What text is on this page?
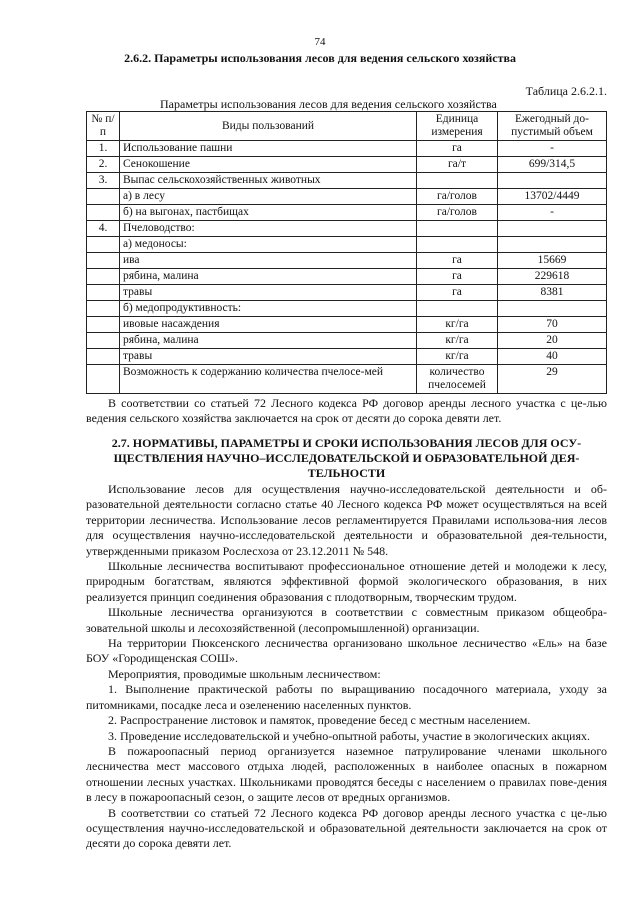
74
2.6.2. Параметры использования лесов для ведения сельского хозяйства
Таблица 2.6.2.1.
Параметры использования лесов для ведения сельского хозяйства
№ п/п	Виды пользований	Единица измерения	Ежегодный до-пустимый объем
1.	Использование пашни	га	-
2.	Сенокошение	га/т	699/314,5
3.	Выпас сельскохозяйственных животных		
	а) в лесу	га/голов	13702/4449
	б) на выгонах, пастбищах	га/голов	-
4.	Пчеловодство:		
	а) медоносы:		
	ива	га	15669
	рябина, малина	га	229618
	травы	га	8381
	б) медопродуктивность:		
	ивовые насаждения	кг/га	70
	рябина, малина	кг/га	20
	травы	кг/га	40
	Возможность к содержанию количества пчелосе-мей	количество пчелосемей	29

В соответствии со статьей 72 Лесного кодекса РФ договор аренды лесного участка с це-лью ведения сельского хозяйства заключается на срок от десяти до сорока девяти лет.

2.7. НОРМАТИВЫ, ПАРАМЕТРЫ И СРОКИ ИСПОЛЬЗОВАНИЯ ЛЕСОВ ДЛЯ ОСУ-ЩЕСТВЛЕНИЯ НАУЧНО–ИССЛЕДОВАТЕЛЬСКОЙ И ОБРАЗОВАТЕЛЬНОЙ ДЕЯ-ТЕЛЬНОСТИ

Использование лесов для осуществления научно-исследовательской деятельности и об-разовательной деятельности согласно статье 40 Лесного кодекса РФ может осуществляться на всей территории лесничества. Использование лесов регламентируется Правилами использова-ния лесов для осуществления научно-исследовательской деятельности и образовательной дея-тельности, утвержденными приказом Рослесхоза от 23.12.2011 № 548.

Школьные лесничества воспитывают профессиональное отношение детей и молодежи к лесу, природным богатствам, являются эффективной формой экологического образования, в них реализуется принцип соединения образования с плодотворным, творческим трудом.

Школьные лесничества организуются в соответствии с совместным приказом общеобра-зовательной школы и лесохозяйственной (лесопромышленной) организации.

На территории Пюксенского лесничества организовано школьное лесничество «Ель» на базе БОУ «Городищенская СОШ».

Мероприятия, проводимые школьным лесничеством:

1. Выполнение практической работы по выращиванию посадочного материала, уходу за питомниками, посадке леса и озеленению населенных пунктов.

2. Распространение листовок и памяток, проведение бесед с местным населением.

3. Проведение исследовательской и учебно-опытной работы, участие в экологических акциях.

В пожароопасный период организуется наземное патрулирование членами школьного лесничества мест массового отдыха людей, расположенных в наиболее опасных в пожарном отношении лесных участках. Школьниками проводятся беседы с населением о правилах пове-дения в лесу в пожароопасный сезон, о защите лесов от вредных организмов.

В соответствии со статьей 72 Лесного кодекса РФ договор аренды лесного участка с це-лью осуществления научно-исследовательской и образовательной деятельности заключается на срок от десяти до сорока девяти лет.
